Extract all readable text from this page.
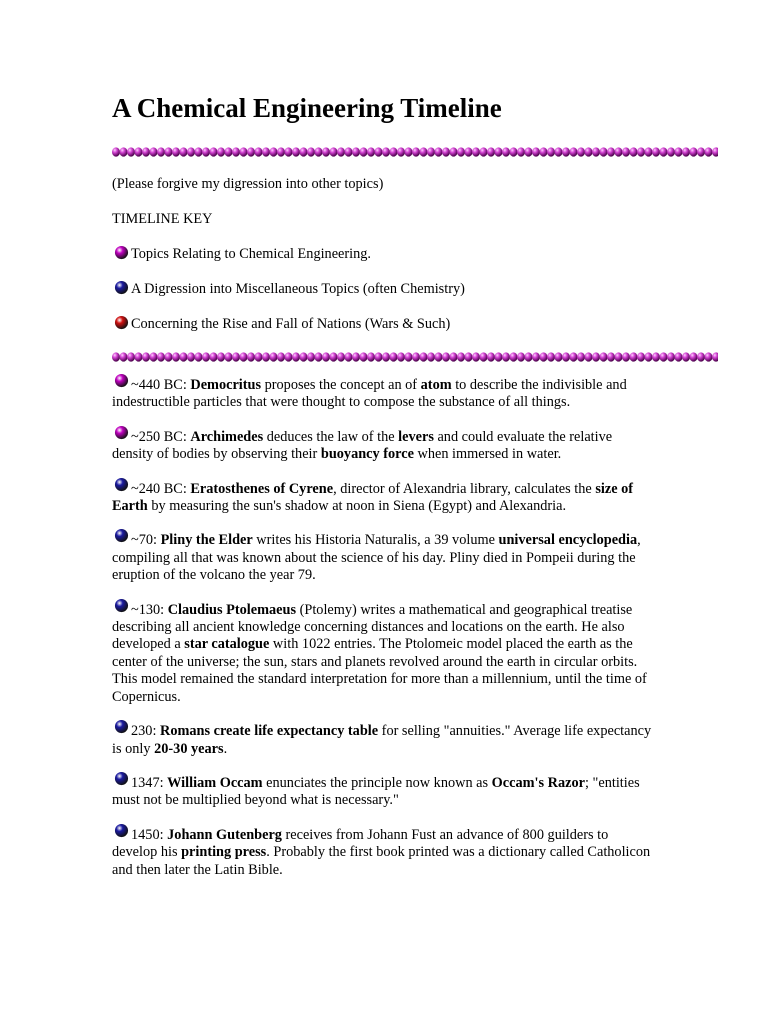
A Chemical Engineering Timeline

(Please forgive my digression into other topics)

TIMELINE KEY

Topics Relating to Chemical Engineering.

A Digression into Miscellaneous Topics (often Chemistry)

Concerning the Rise and Fall of Nations (Wars & Such)

~440 BC: Democritus proposes the concept an of atom to describe the indivisible and indestructible particles that were thought to compose the substance of all things.

~250 BC: Archimedes deduces the law of the levers and could evaluate the relative density of bodies by observing their buoyancy force when immersed in water.

~240 BC: Eratosthenes of Cyrene, director of Alexandria library, calculates the size of Earth by measuring the sun's shadow at noon in Siena (Egypt) and Alexandria.

~70: Pliny the Elder writes his Historia Naturalis, a 39 volume universal encyclopedia, compiling all that was known about the science of his day. Pliny died in Pompeii during the eruption of the volcano the year 79.

~130: Claudius Ptolemaeus (Ptolemy) writes a mathematical and geographical treatise describing all ancient knowledge concerning distances and locations on the earth. He also developed a star catalogue with 1022 entries. The Ptolomeic model placed the earth as the center of the universe; the sun, stars and planets revolved around the earth in circular orbits. This model remained the standard interpretation for more than a millennium, until the time of Copernicus.

230: Romans create life expectancy table for selling "annuities." Average life expectancy is only 20-30 years.

1347: William Occam enunciates the principle now known as Occam's Razor; "entities must not be multiplied beyond what is necessary."

1450: Johann Gutenberg receives from Johann Fust an advance of 800 guilders to develop his printing press. Probably the first book printed was a dictionary called Catholicon and then later the Latin Bible.
